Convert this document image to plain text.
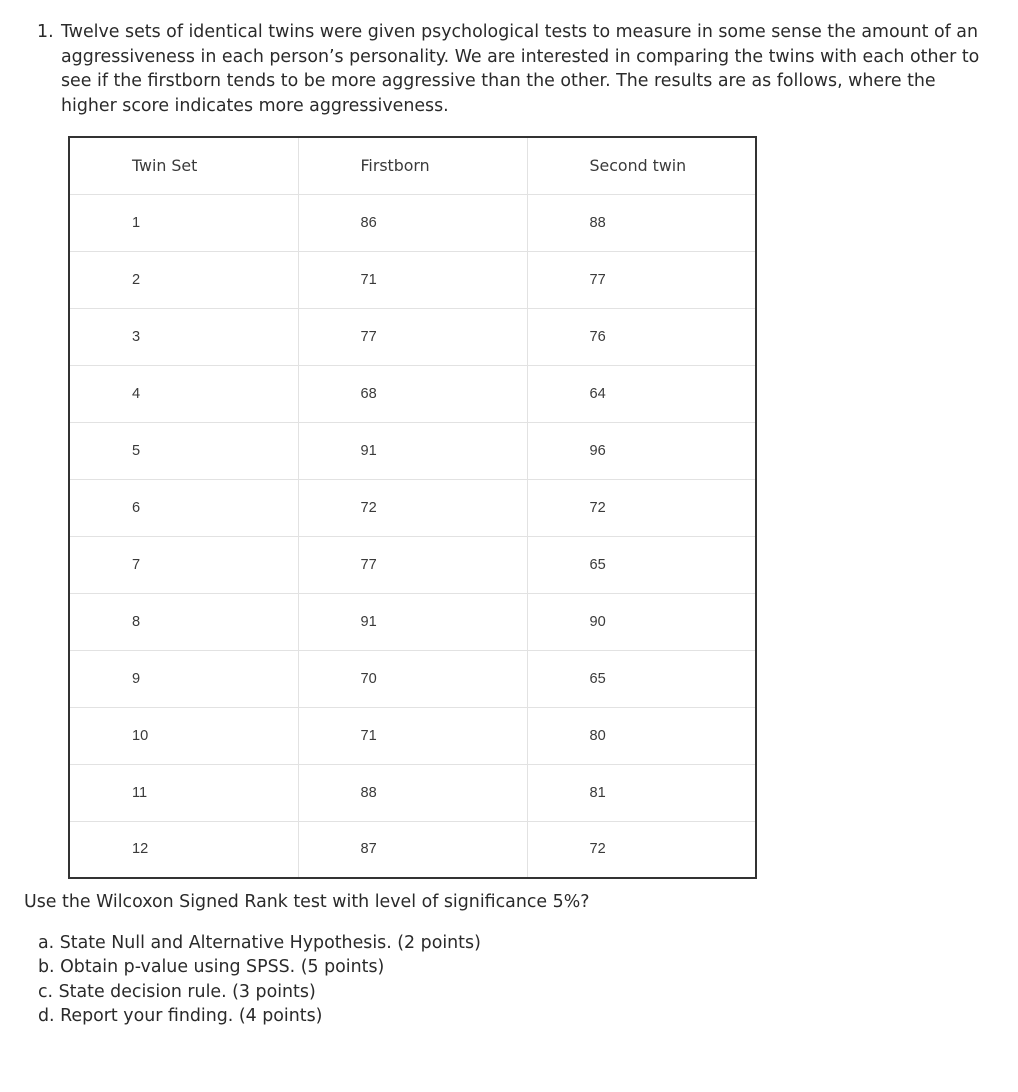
1. Twelve sets of identical twins were given psychological tests to measure in some sense the amount of an aggressiveness in each person’s personality. We are interested in comparing the twins with each other to see if the firstborn tends to be more aggressive than the other. The results are as follows, where the higher score indicates more aggressiveness.
Twin Set	Firstborn	Second twin
1	86	88
2	71	77
3	77	76
4	68	64
5	91	96
6	72	72
7	77	65
8	91	90
9	70	65
10	71	80
11	88	81
12	87	72

Use the Wilcoxon Signed Rank test with level of significance 5%?

a. State Null and Alternative Hypothesis. (2 points)
b. Obtain p-value using SPSS. (5 points)
c. State decision rule. (3 points)
d. Report your finding. (4 points)
